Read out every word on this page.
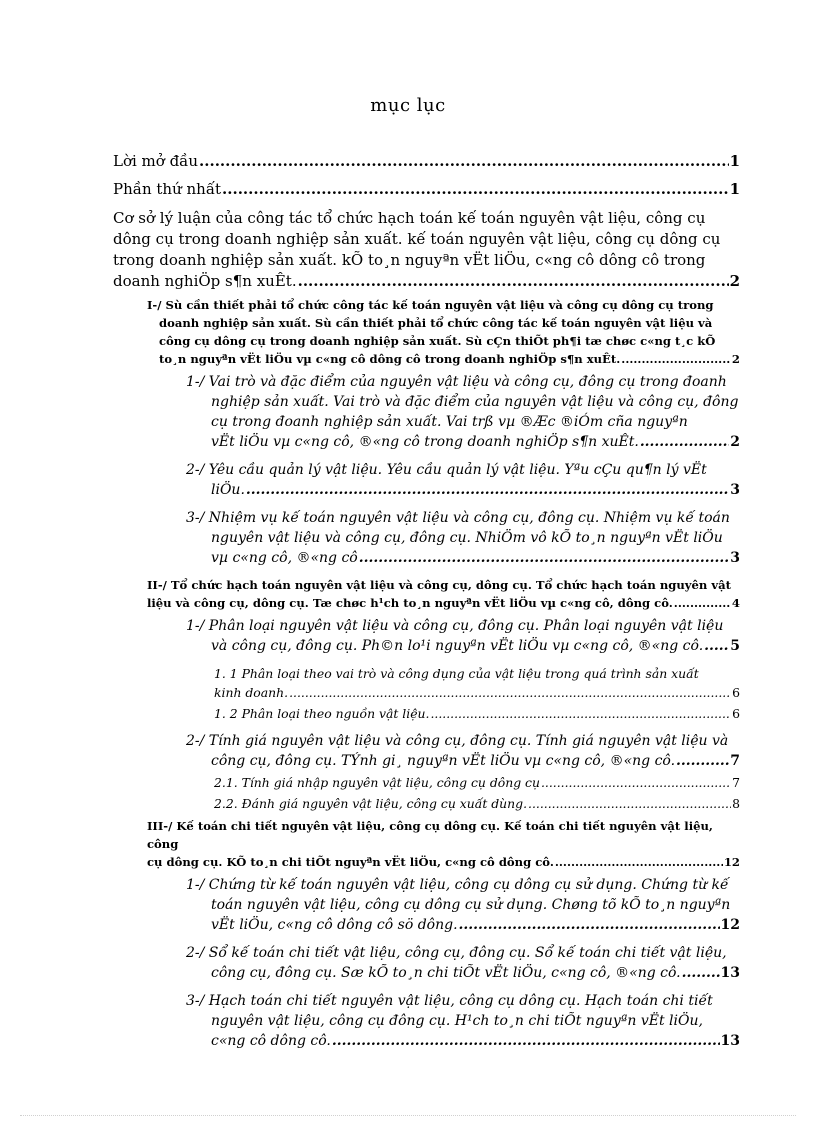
mục lục
Lời mở đầu .....	1
Phần thứ nhất .....	1
Cơ sở lý luận của công tác tổ chức hạch toán kế toán nguyên vật liệu, công cụ dông cụ trong doanh nghiệp sản xuất. kế toán nguyên vật liệu, công cụ dông cụ trong doanh nghiệp sản xuất. kÕ to¸n nguyªn vËt liÖu, c«ng cô dông cô trong
doanh nghiÖp s¶n xuÊt. .....	2
I-/ Sù cần thiết phải tổ chức công tác kế toán nguyên vật liệu và công cụ dông cụ trong
doanh nghiệp sản xuất. Sù cần thiết phải tổ chức công tác kế toán nguyên vật liệu và công cụ dông cụ trong doanh nghiệp sản xuất. Sù cÇn thiÕt ph¶i tæ chøc c«ng t¸c kÕ
to¸n nguyªn vËt liÖu vµ c«ng cô dông cô trong doanh nghiÖp s¶n xuÊt. .....	2
1-/ Vai trò và đặc điểm của nguyên vật liệu và công cụ, đông cụ trong đoanh
nghiệp sản xuất. Vai trò và đặc điểm của nguyên vật liệu và công cụ, đông cụ trong đoanh nghiệp sản xuất. Vai trß vµ ®Æc ®iÓm cña nguyªn
vËt liÖu vµ c«ng cô, ®«ng cô trong doanh nghiÖp s¶n xuÊt. .....	2
2-/ Yêu cầu quản lý vật liệu. Yêu cầu quản lý vật liệu. Yªu cÇu qu¶n lý vËt
liÖu. .....	3
3-/ Nhiệm vụ kế toán nguyên vật liệu và công cụ, đông cụ. Nhiệm vụ kế toán
nguyên vật liệu và công cụ, đông cụ. NhiÖm vô kÕ to¸n nguyªn vËt liÖu
vµ c«ng cô, ®«ng cô .....	3
II-/ Tổ chức hạch toán nguyên vật liệu và công cụ, dông cụ. Tổ chức hạch toán nguyên vật
liệu và công cụ, dông cụ. Tæ chøc h¹ch to¸n nguyªn vËt liÖu vµ c«ng cô, dông cô. .....	4
1-/ Phân loại nguyên vật liệu và công cụ, đông cụ. Phân loại nguyên vật liệu
và công cụ, đông cụ. Ph©n lo¹i nguyªn vËt liÖu vµ c«ng cô, ®«ng cô. ..... 5
1. 1 Phân loại theo vai trò và công dụng của vật liệu trong quá trình sản xuất
kinh doanh. .....	6
1. 2 Phân loại theo nguồn vật liệu. .....	6
2-/ Tính giá nguyên vật liệu và công cụ, đông cụ. Tính giá nguyên vật liệu và
công cụ, đông cụ. TÝnh gi¸ nguyªn vËt liÖu vµ c«ng cô, ®«ng cô. .....	7
2.1. Tính giá nhập nguyên vật liệu, công cụ dông cụ .....	7
2.2. Đánh giá nguyên vật liệu, công cụ xuất dùng. .....	8
III-/ Kế toán chi tiết nguyên vật liệu, công cụ dông cụ. Kế toán chi tiết nguyên vật liệu, công
cụ dông cụ. KÕ to¸n chi tiÕt nguyªn vËt liÖu, c«ng cô dông cô. .....	12
1-/ Chứng từ kế toán nguyên vật liệu, công cụ dông cụ sử dụng. Chứng từ kế
toán nguyên vật liệu, công cụ dông cụ sử dụng. Chøng tõ kÕ to¸n nguyªn
vËt liÖu, c«ng cô dông cô sö dông. .....	12
2-/ Sổ kế toán chi tiết vật liệu, công cụ, đông cụ. Sổ kế toán chi tiết vật liệu,
công cụ, đông cụ. Sæ kÕ to¸n chi tiÕt vËt liÖu, c«ng cô, ®«ng cô. .....	13
3-/ Hạch toán chi tiết nguyên vật liệu, công cụ dông cụ. Hạch toán chi tiết
nguyên vật liệu, công cụ đông cụ. H¹ch to¸n chi tiÕt nguyªn vËt liÖu,
c«ng cô dông cô. .....	13
